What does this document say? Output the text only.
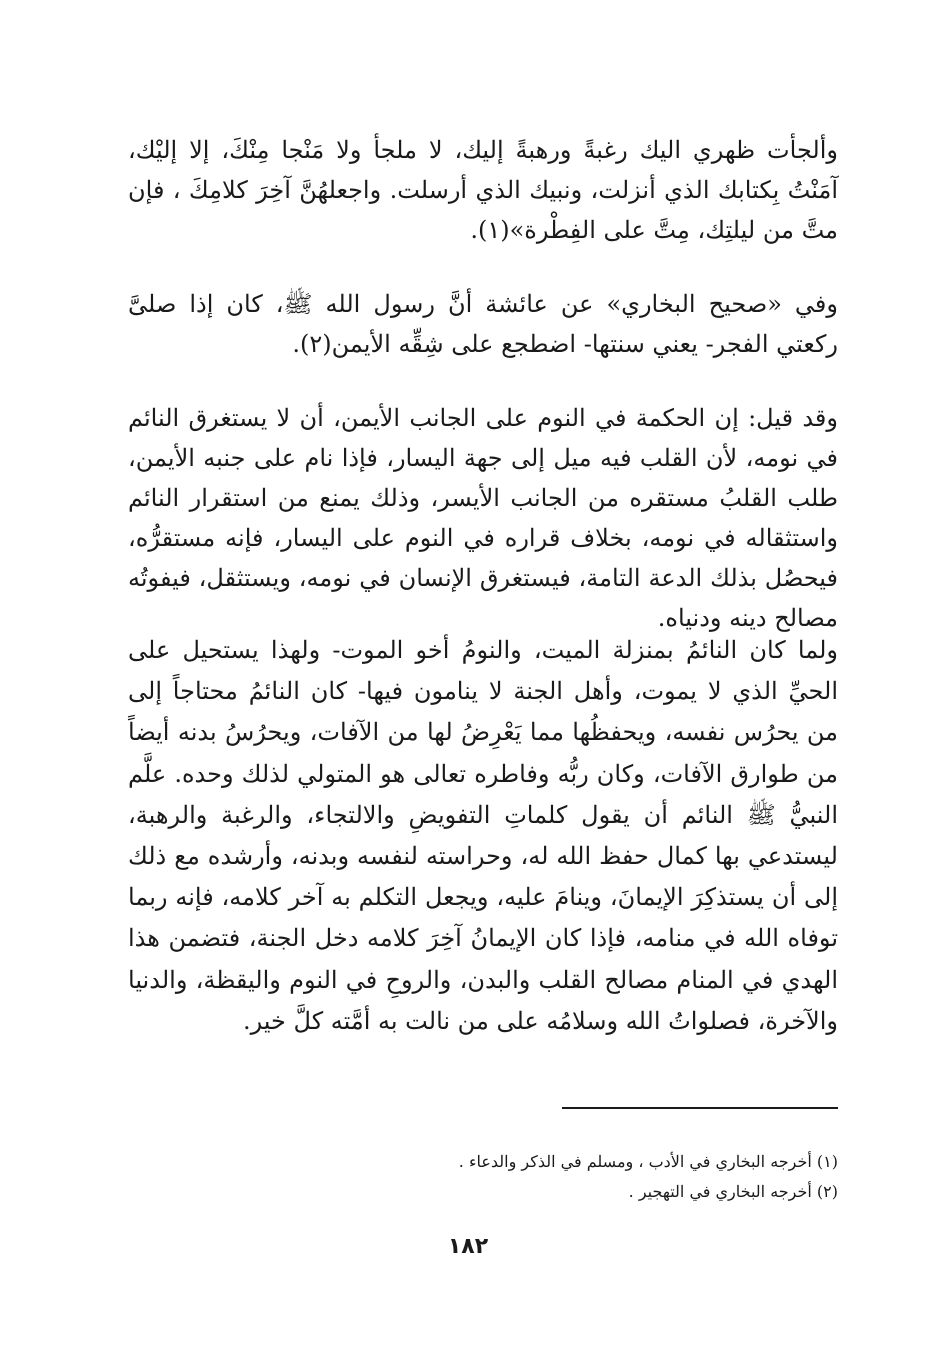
وألجأت ظهري اليك رغبةً ورهبةً إليك، لا ملجأ ولا مَنْجا مِنْكَ، إلا إليْك، آمَنْتُ بِكتابك الذي أنزلت، ونبيك الذي أرسلت. واجعلهُنَّ آخِرَ كلامِكَ ، فإن متَّ من ليلتِك، مِتَّ على الفِطْرة»(١).

وفي «صحيح البخاري» عن عائشة أنَّ رسول الله ﷺ، كان إذا صلىَّ ركعتي الفجر- يعني سنتها- اضطجع على شِقِّه الأيمن(٢).

وقد قيل: إن الحكمة في النوم على الجانب الأيمن، أن لا يستغرق النائم في نومه، لأن القلب فيه ميل إلى جهة اليسار، فإذا نام على جنبه الأيمن، طلب القلبُ مستقره من الجانب الأيسر، وذلك يمنع من استقرار النائم واستثقاله في نومه، بخلاف قراره في النوم على اليسار، فإنه مستقرُّه، فيحصُل بذلك الدعة التامة، فيستغرق الإنسان في نومه، ويستثقل، فيفوتُه مصالح دينه ودنياه.

ولما كان النائمُ بمنزلة الميت، والنومُ أخو الموت- ولهذا يستحيل على الحيِّ الذي لا يموت، وأهل الجنة لا ينامون فيها- كان النائمُ محتاجاً إلى من يحرُس نفسه، ويحفظُها مما يَعْرِضُ لها من الآفات، ويحرُسُ بدنه أيضاً من طوارق الآفات، وكان ربُّه وفاطره تعالى هو المتولي لذلك وحده. علَّم النبيُّ ﷺ النائم أن يقول كلماتِ التفويضِ والالتجاء، والرغبة والرهبة، ليستدعي بها كمال حفظ الله له، وحراسته لنفسه وبدنه، وأرشده مع ذلك إلى أن يستذكِرَ الإيمانَ، وينامَ عليه، ويجعل التكلم به آخر كلامه، فإنه ربما توفاه الله في منامه، فإذا كان الإيمانُ آخِرَ كلامه دخل الجنة، فتضمن هذا الهدي في المنام مصالح القلب والبدن، والروحِ في النوم واليقظة، والدنيا والآخرة، فصلواتُ الله وسلامُه على من نالت به أمَّته كلَّ خير.

(١) أخرجه البخاري في الأدب ، ومسلم في الذكر والدعاء .
(٢) أخرجه البخاري في التهجير .
١٨٢
